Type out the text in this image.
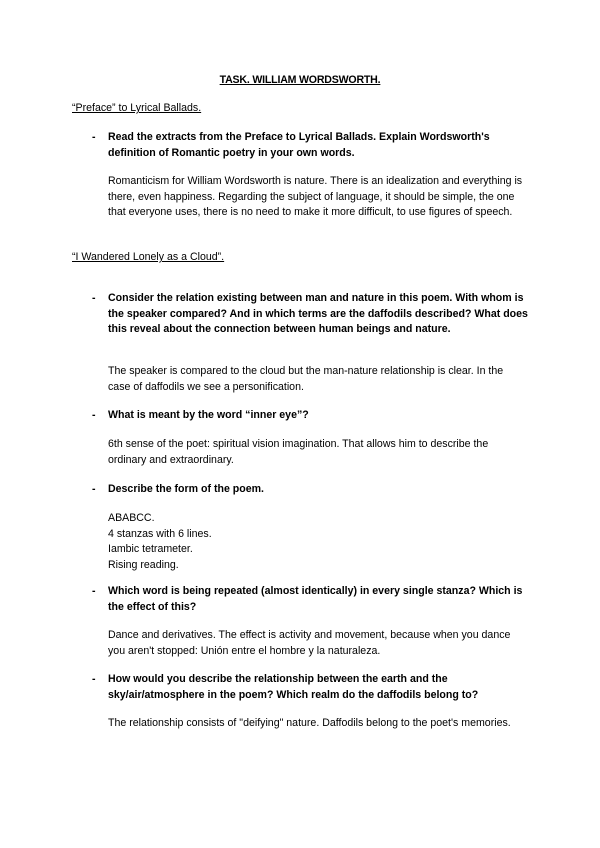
TASK. WILLIAM WORDSWORTH.
“Preface” to Lyrical Ballads.
- Read the extracts from the Preface to Lyrical Ballads. Explain Wordsworth's definition of Romantic poetry in your own words.
Romanticism for William Wordsworth is nature. There is an idealization and everything is there, even happiness. Regarding the subject of language, it should be simple, the one that everyone uses, there is no need to make it more difficult, to use figures of speech.
“I Wandered Lonely as a Cloud”.
- Consider the relation existing between man and nature in this poem. With whom is the speaker compared? And in which terms are the daffodils described? What does this reveal about the connection between human beings and nature.
The speaker is compared to the cloud but the man-nature relationship is clear. In the case of daffodils we see a personification.
- What is meant by the word “inner eye”?
6th sense of the poet: spiritual vision imagination. That allows him to describe the ordinary and extraordinary.
- Describe the form of the poem.
ABABCC.
4 stanzas with 6 lines.
Iambic tetrameter.
Rising reading.
- Which word is being repeated (almost identically) in every single stanza? Which is the effect of this?
Dance and derivatives. The effect is activity and movement, because when you dance you aren't stopped: Unión entre el hombre y la naturaleza.
- How would you describe the relationship between the earth and the sky/air/atmosphere in the poem? Which realm do the daffodils belong to?
The relationship consists of "deifying" nature. Daffodils belong to the poet's memories.
